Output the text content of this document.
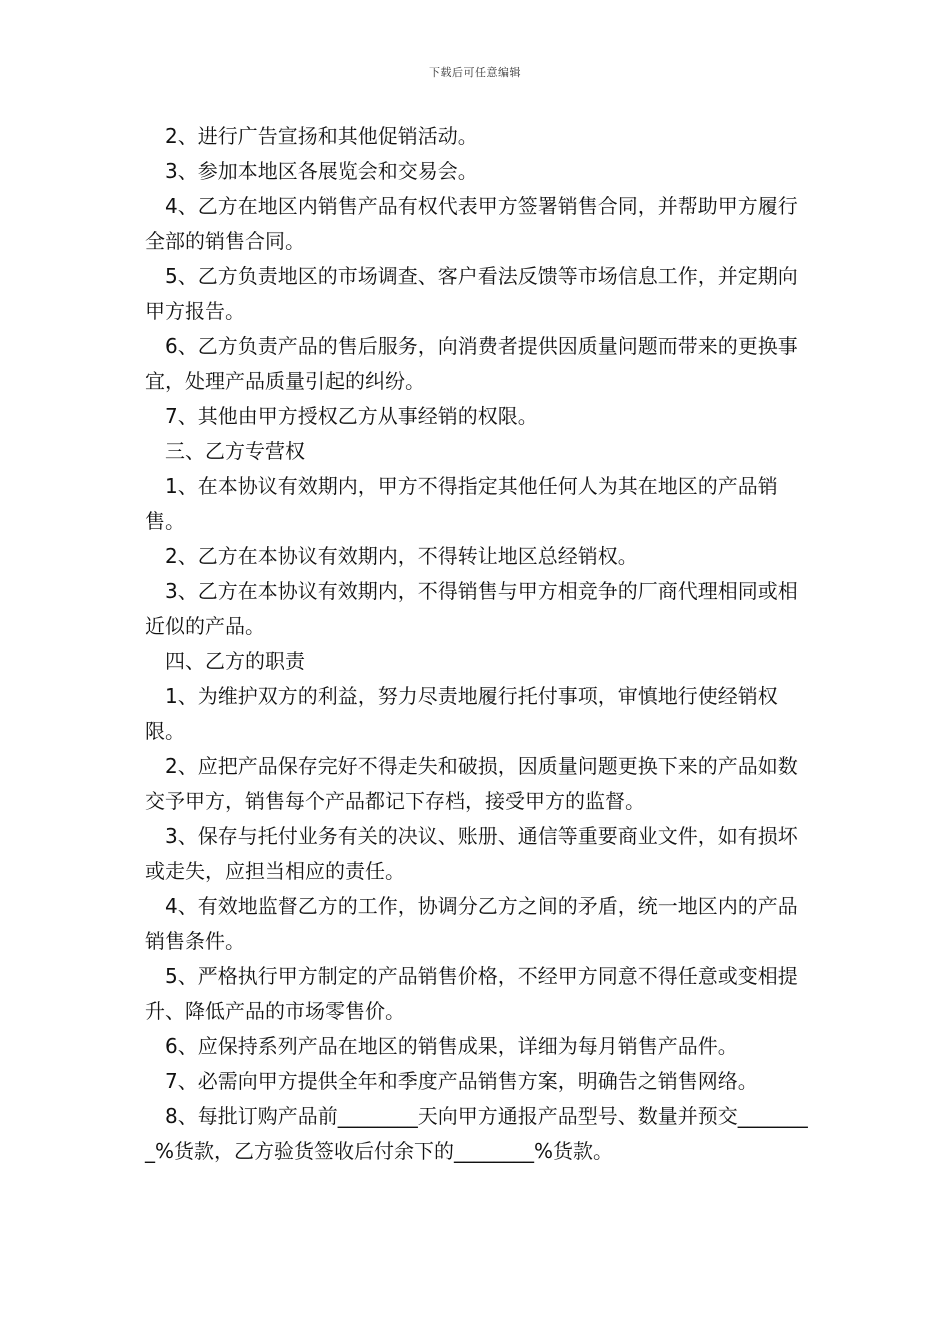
下载后可任意编辑

2、进行广告宣扬和其他促销活动。

3、参加本地区各展览会和交易会。

4、乙方在地区内销售产品有权代表甲方签署销售合同，并帮助甲方履行全部的销售合同。

5、乙方负责地区的市场调查、客户看法反馈等市场信息工作，并定期向甲方报告。

6、乙方负责产品的售后服务，向消费者提供因质量问题而带来的更换事宜，处理产品质量引起的纠纷。

7、其他由甲方授权乙方从事经销的权限。

三、乙方专营权

1、在本协议有效期内，甲方不得指定其他任何人为其在地区的产品销售。

2、乙方在本协议有效期内，不得转让地区总经销权。

3、乙方在本协议有效期内，不得销售与甲方相竞争的厂商代理相同或相近似的产品。

四、乙方的职责

1、为维护双方的利益，努力尽责地履行托付事项，审慎地行使经销权限。

2、应把产品保存完好不得走失和破损，因质量问题更换下来的产品如数交予甲方，销售每个产品都记下存档，接受甲方的监督。

3、保存与托付业务有关的决议、账册、通信等重要商业文件，如有损坏或走失，应担当相应的责任。

4、有效地监督乙方的工作，协调分乙方之间的矛盾，统一地区内的产品销售条件。

5、严格执行甲方制定的产品销售价格，不经甲方同意不得任意或变相提升、降低产品的市场零售价。

6、应保持系列产品在地区的销售成果，详细为每月销售产品件。

7、必需向甲方提供全年和季度产品销售方案，明确告之销售网络。

8、每批订购产品前________天向甲方通报产品型号、数量并预交________%货款，乙方验货签收后付余下的________%货款。
